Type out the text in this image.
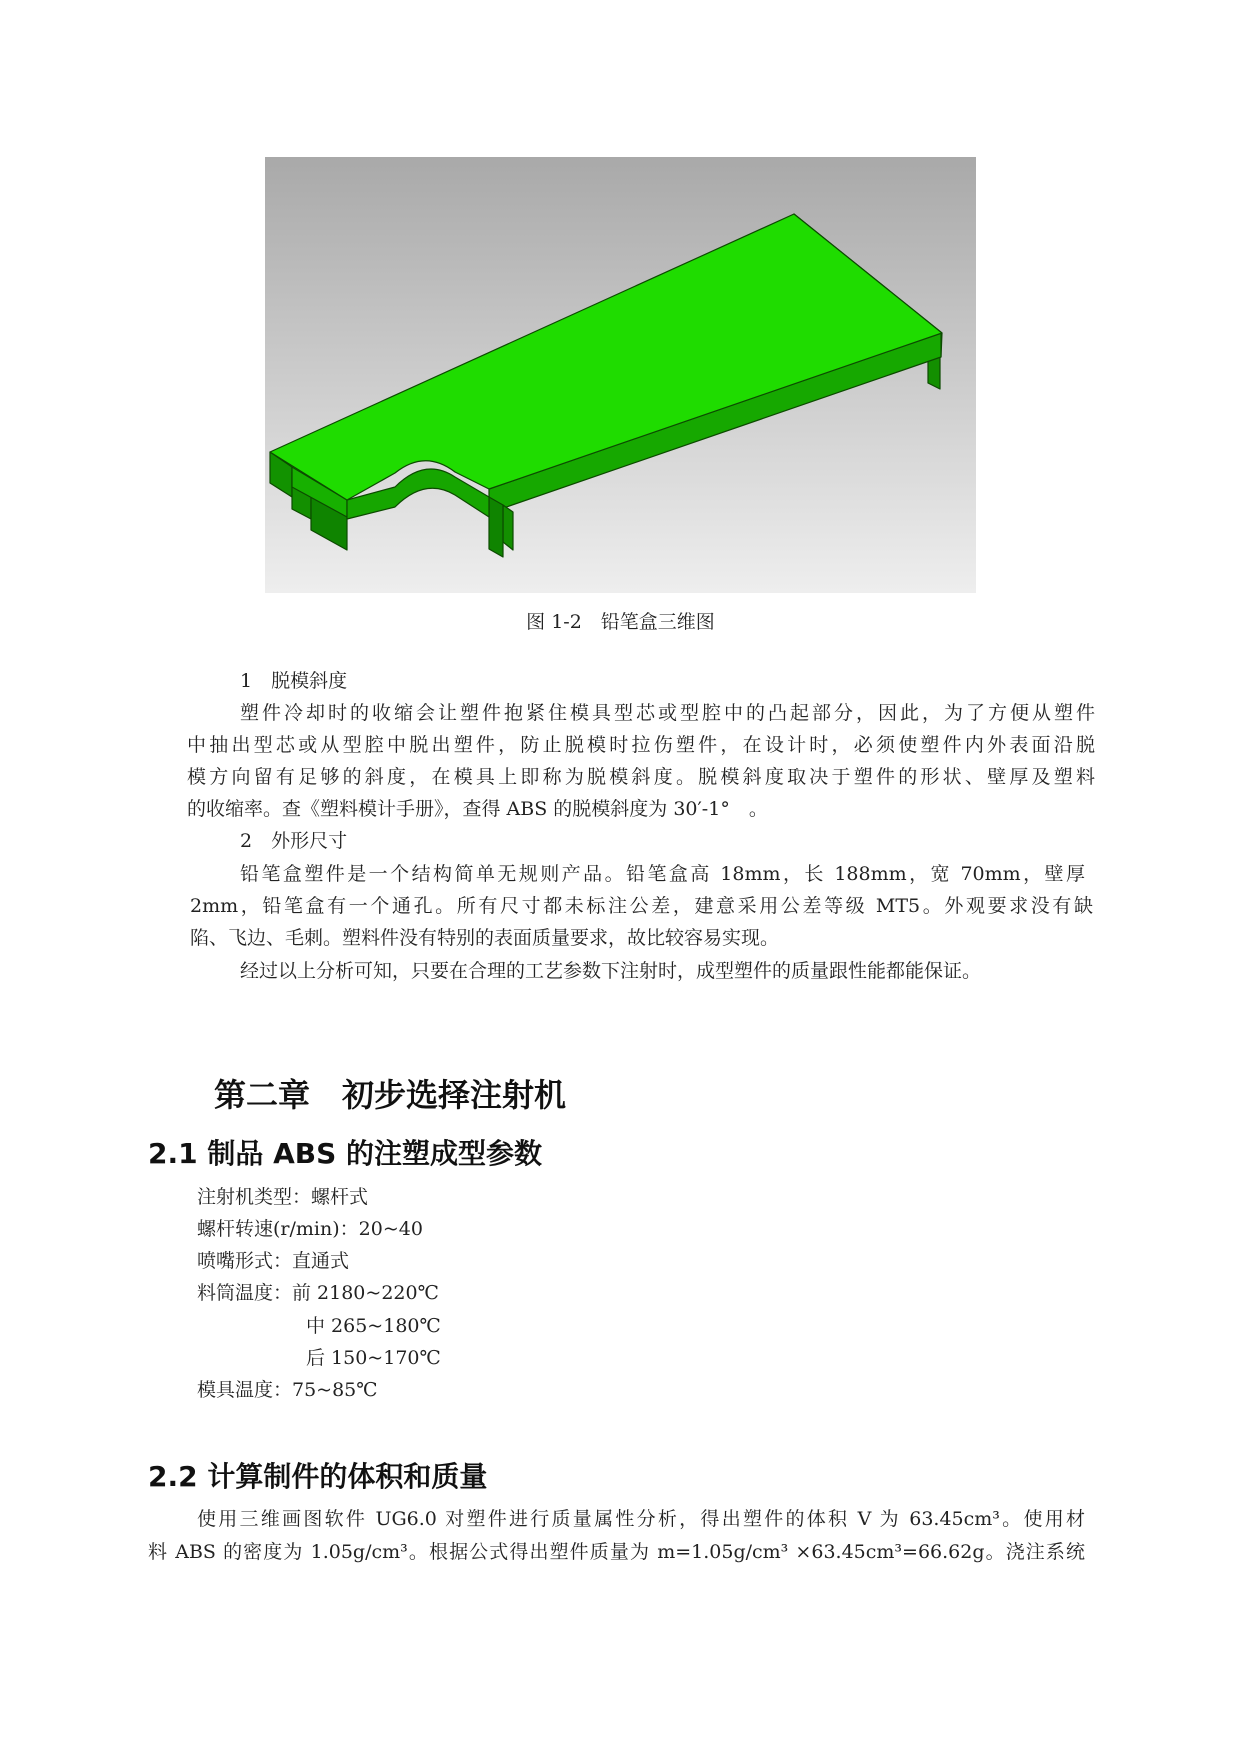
图 1-2　铅笔盒三维图
1　脱模斜度
塑件冷却时的收缩会让塑件抱紧住模具型芯或型腔中的凸起部分，因此，为了方便从塑件
中抽出型芯或从型腔中脱出塑件，防止脱模时拉伤塑件，在设计时，必须使塑件内外表面沿脱
模方向留有足够的斜度，在模具上即称为脱模斜度。脱模斜度取决于塑件的形状、壁厚及塑料
的收缩率。查《塑料模计手册》，查得 ABS 的脱模斜度为 30′-1°　。
2　外形尺寸
铅笔盒塑件是一个结构简单无规则产品。铅笔盒高 18mm，长 188mm，宽 70mm，壁厚
2mm，铅笔盒有一个通孔。所有尺寸都未标注公差，建意采用公差等级 MT5。外观要求没有缺
陷、飞边、毛刺。塑料件没有特别的表面质量要求，故比较容易实现。
经过以上分析可知，只要在合理的工艺参数下注射时，成型塑件的质量跟性能都能保证。
第二章　初步选择注射机
2.1 制品 ABS 的注塑成型参数
注射机类型：螺杆式
螺杆转速(r/min)：20~40
喷嘴形式：直通式
料筒温度：前 2180~220℃
中 265~180℃
后 150~170℃
模具温度：75~85℃
2.2 计算制件的体积和质量
使用三维画图软件 UG6.0 对塑件进行质量属性分析，得出塑件的体积 V 为 63.45cm³。使用材
料 ABS 的密度为 1.05g/cm³。根据公式得出塑件质量为 m=1.05g/cm³ ×63.45cm³=66.62g。浇注系统
